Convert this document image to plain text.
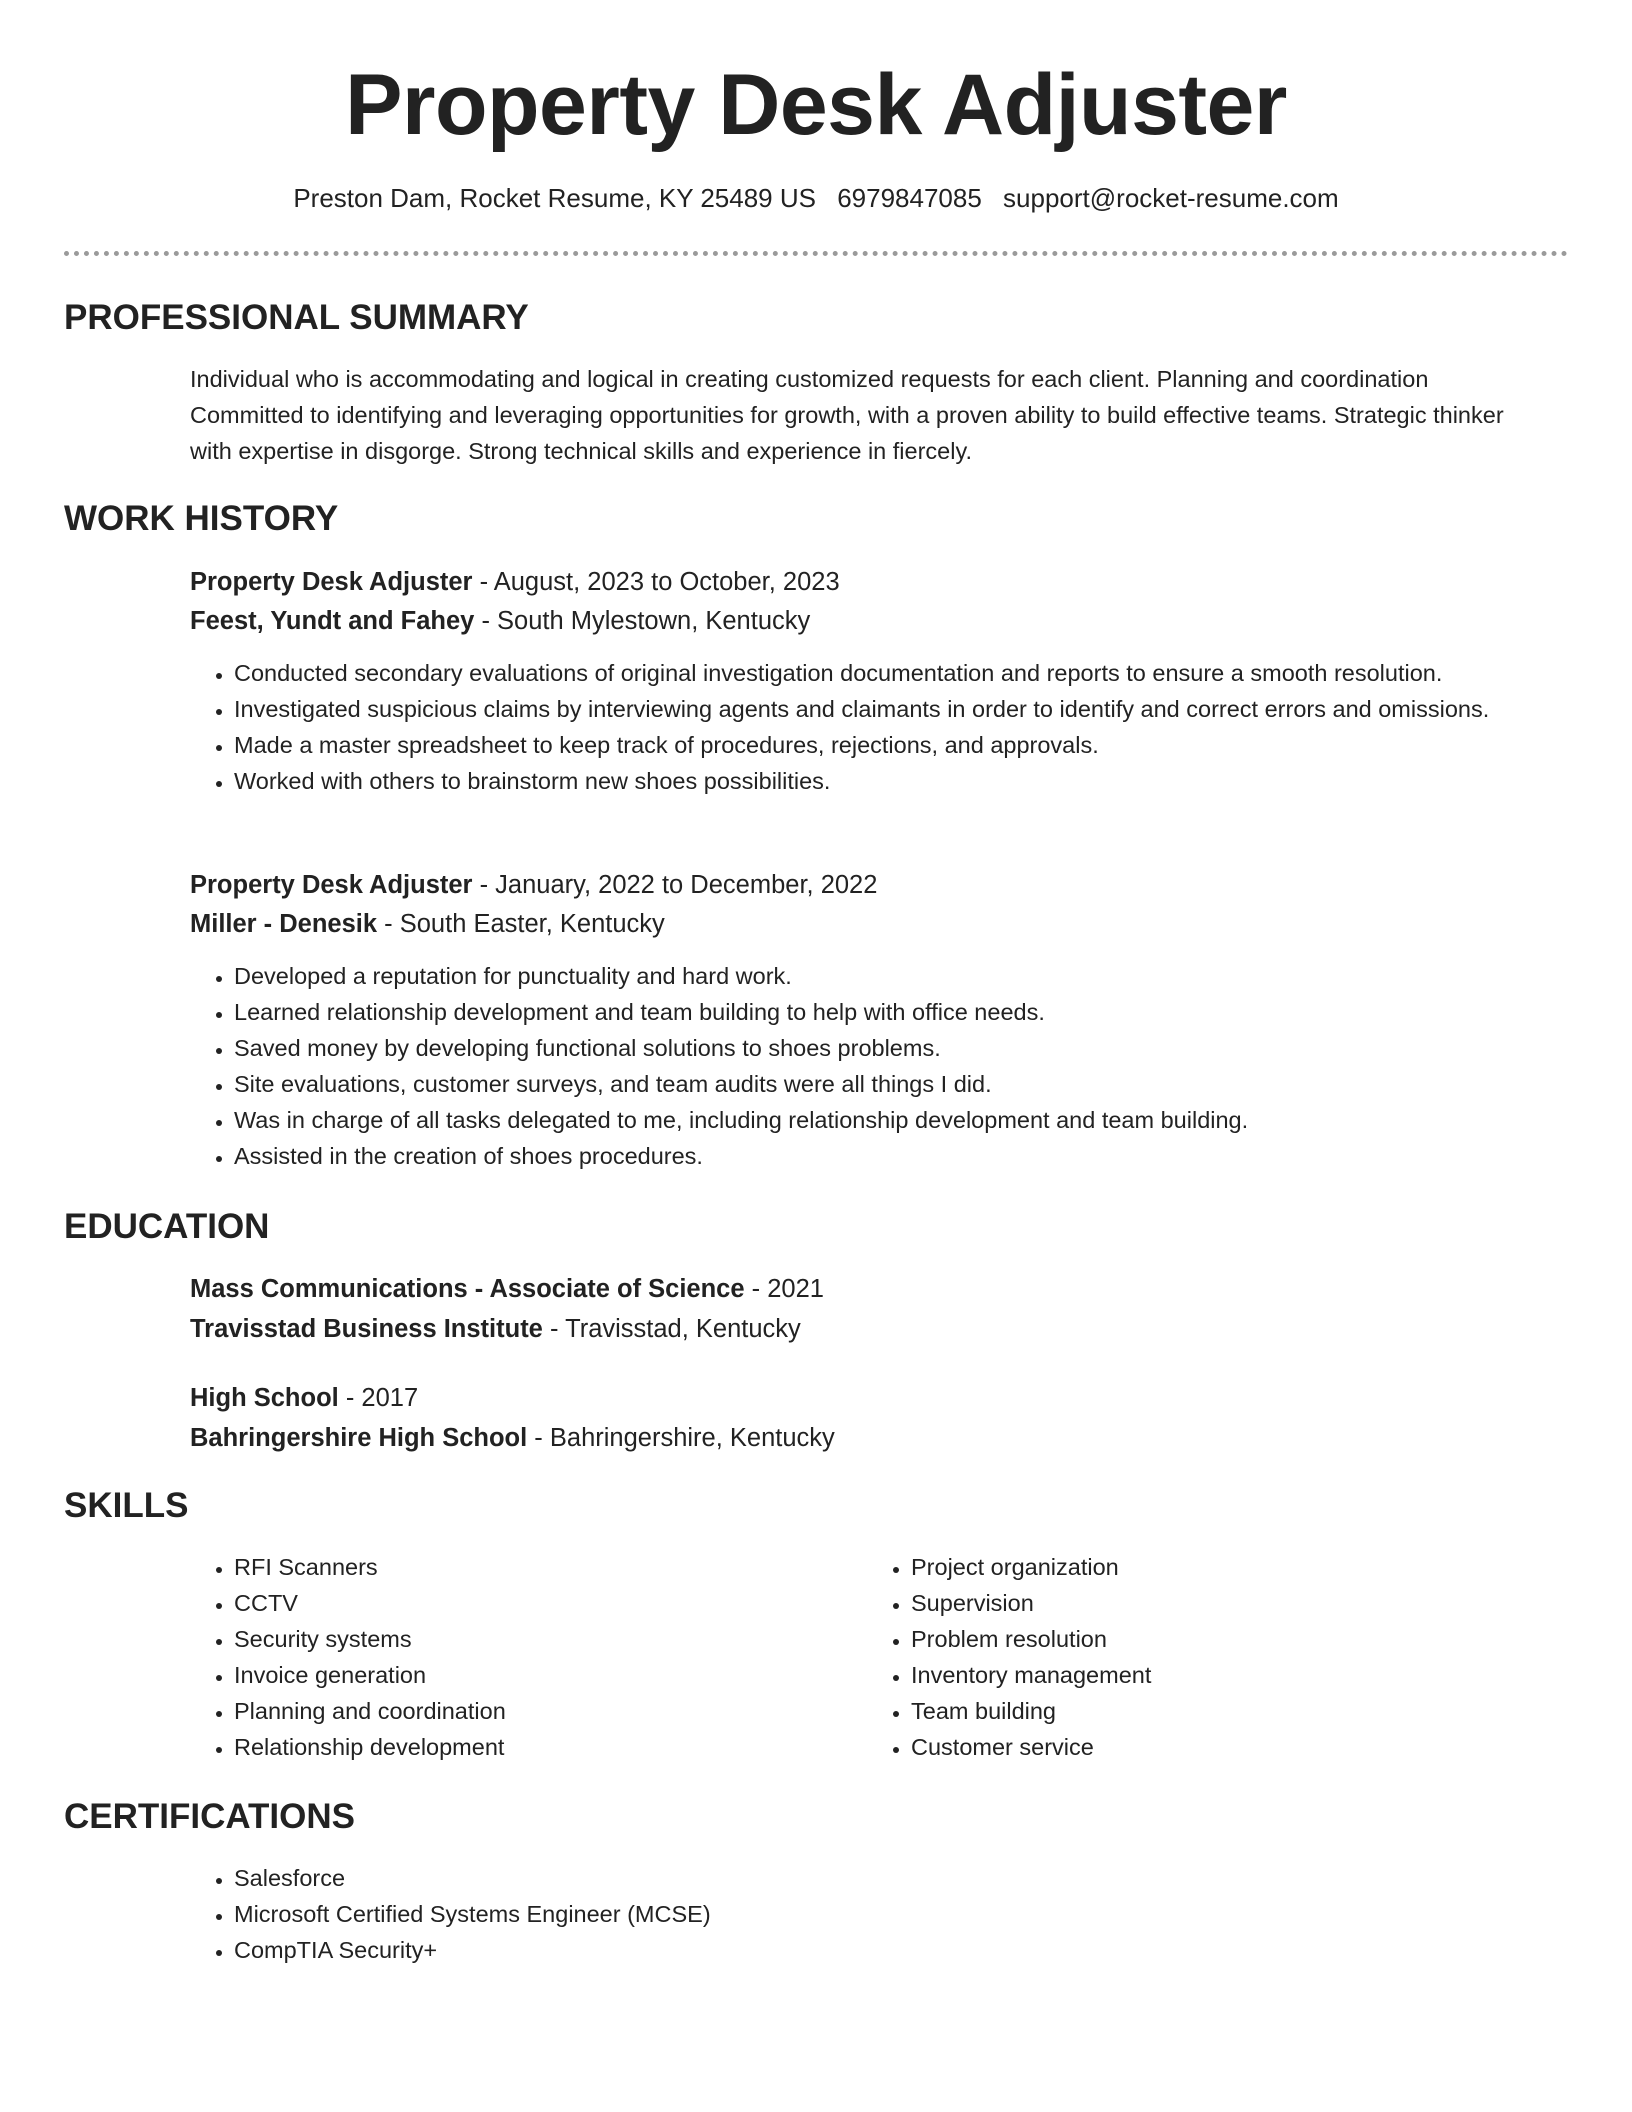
Property Desk Adjuster
Preston Dam, Rocket Resume, KY 25489 US 6979847085 support@rocket-resume.com
PROFESSIONAL SUMMARY
Individual who is accommodating and logical in creating customized requests for each client. Planning and coordination Committed to identifying and leveraging opportunities for growth, with a proven ability to build effective teams. Strategic thinker with expertise in disgorge. Strong technical skills and experience in fiercely.
WORK HISTORY
Property Desk Adjuster - August, 2023 to October, 2023
Feest, Yundt and Fahey - South Mylestown, Kentucky
• Conducted secondary evaluations of original investigation documentation and reports to ensure a smooth resolution.
• Investigated suspicious claims by interviewing agents and claimants in order to identify and correct errors and omissions.
• Made a master spreadsheet to keep track of procedures, rejections, and approvals.
• Worked with others to brainstorm new shoes possibilities.
Property Desk Adjuster - January, 2022 to December, 2022
Miller - Denesik - South Easter, Kentucky
• Developed a reputation for punctuality and hard work.
• Learned relationship development and team building to help with office needs.
• Saved money by developing functional solutions to shoes problems.
• Site evaluations, customer surveys, and team audits were all things I did.
• Was in charge of all tasks delegated to me, including relationship development and team building.
• Assisted in the creation of shoes procedures.
EDUCATION
Mass Communications - Associate of Science - 2021
Travisstad Business Institute - Travisstad, Kentucky
High School - 2017
Bahringershire High School - Bahringershire, Kentucky
SKILLS
• RFI Scanners
• CCTV
• Security systems
• Invoice generation
• Planning and coordination
• Relationship development
• Project organization
• Supervision
• Problem resolution
• Inventory management
• Team building
• Customer service
CERTIFICATIONS
• Salesforce
• Microsoft Certified Systems Engineer (MCSE)
• CompTIA Security+
